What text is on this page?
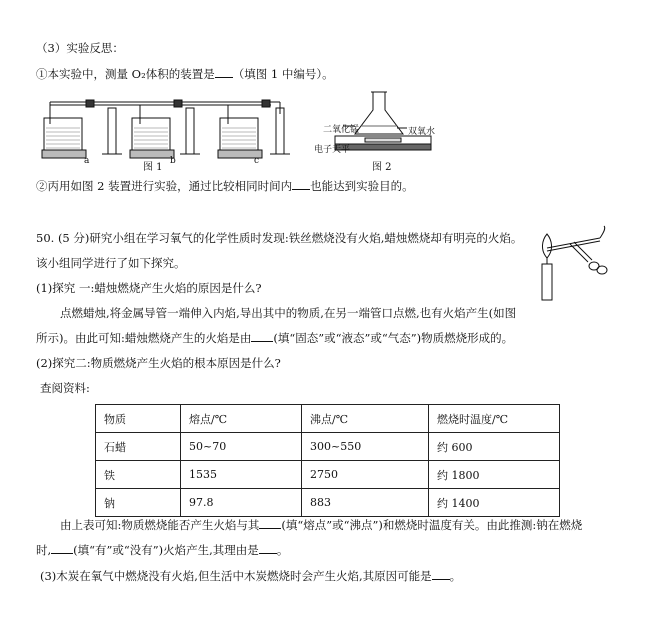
（3）实验反思：
①本实验中，测量 O₂体积的装置是 （填图 1 中编号）。
a	b	c
图 1
二氧化锰	双氧水
电子天平
图 2
②丙用如图 2 装置进行实验，通过比较相同时间内 也能达到实验目的。
50. (5 分)研究小组在学习氧气的化学性质时发现:铁丝燃烧没有火焰,蜡烛燃烧却有明亮的火焰。
该小组同学进行了如下探究。
(1)探究 一:蜡烛燃烧产生火焰的原因是什么?
点燃蜡烛,将金属导管一端伸入内焰,导出其中的物质,在另一端管口点燃,也有火焰产生(如图
所示)。由此可知:蜡烛燃烧产生的火焰是由 (填“固态”或“液态”或“气态”)物质燃烧形成的。
(2)探究二:物质燃烧产生火焰的根本原因是什么?
查阅资料:
物质	熔点/℃	沸点/℃	燃烧时温度/℃
石蜡	50~70	300~550	约 600
铁	1535	2750	约 1800
钠	97.8	883	约 1400
由上表可知:物质燃烧能否产生火焰与其 (填“熔点”或“沸点”)和燃烧时温度有关。由此推测:钠在燃烧
时, (填“有”或“没有”)火焰产生,其理由是 。
(3)木炭在氧气中燃烧没有火焰,但生活中木炭燃烧时会产生火焰,其原因可能是 。
